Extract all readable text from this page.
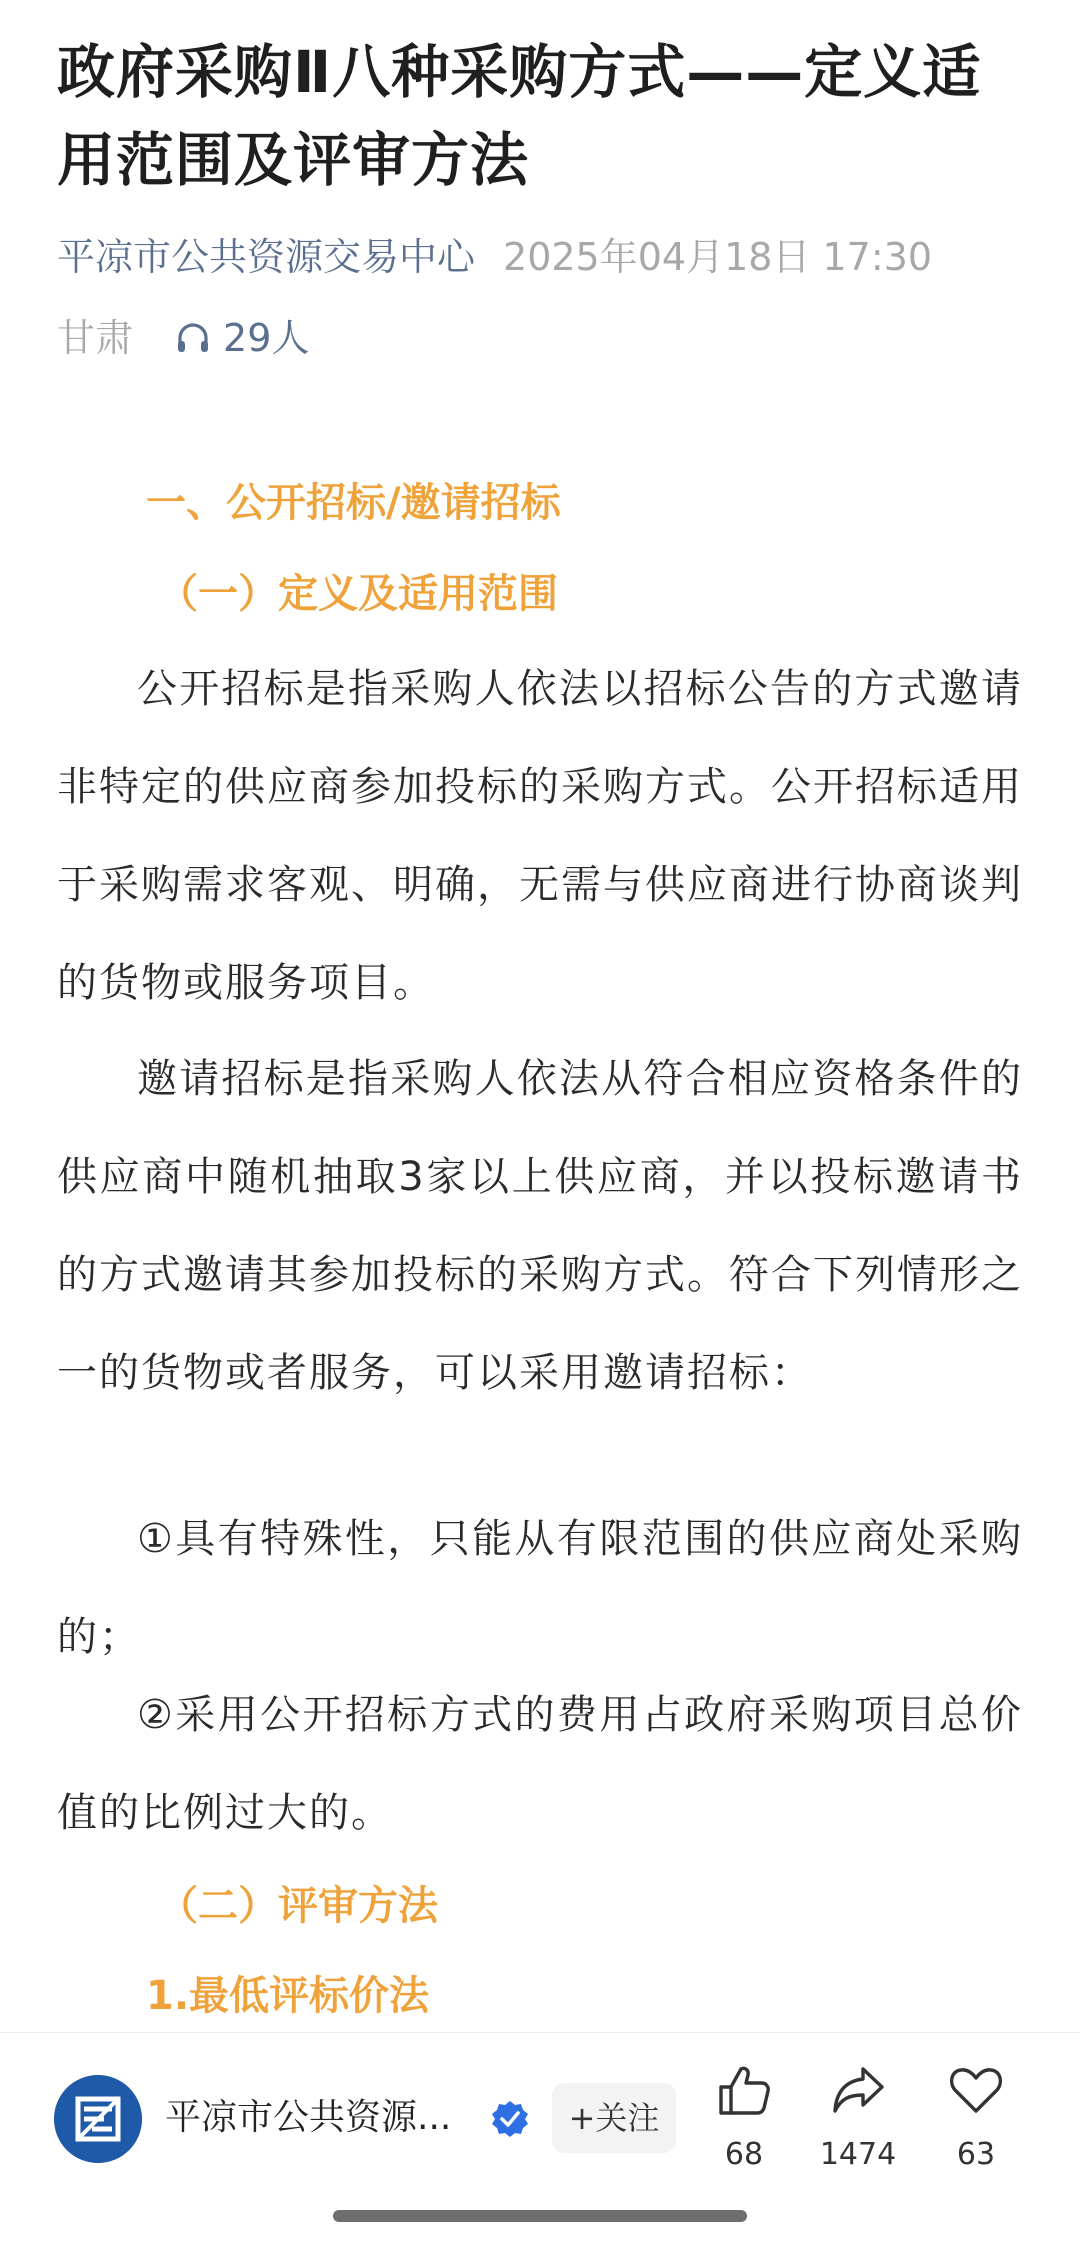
政府采购Ⅱ八种采购方式——定义适用范围及评审方法
平凉市公共资源交易中心 2025年04月18日 17:30
甘肃 29人
一、公开招标/邀请招标
（一）定义及适用范围

公开招标是指采购人依法以招标公告的方式邀请非特定的供应商参加投标的采购方式。公开招标适用于采购需求客观、明确，无需与供应商进行协商谈判的货物或服务项目。

邀请招标是指采购人依法从符合相应资格条件的供应商中随机抽取3家以上供应商，并以投标邀请书的方式邀请其参加投标的采购方式。符合下列情形之一的货物或者服务，可以采用邀请招标：

①具有特殊性，只能从有限范围的供应商处采购的；

②采用公开招标方式的费用占政府采购项目总价值的比例过大的。

（二）评审方法
1.最低评标价法
平凉市公共资源...	+关注
68	1474	63
